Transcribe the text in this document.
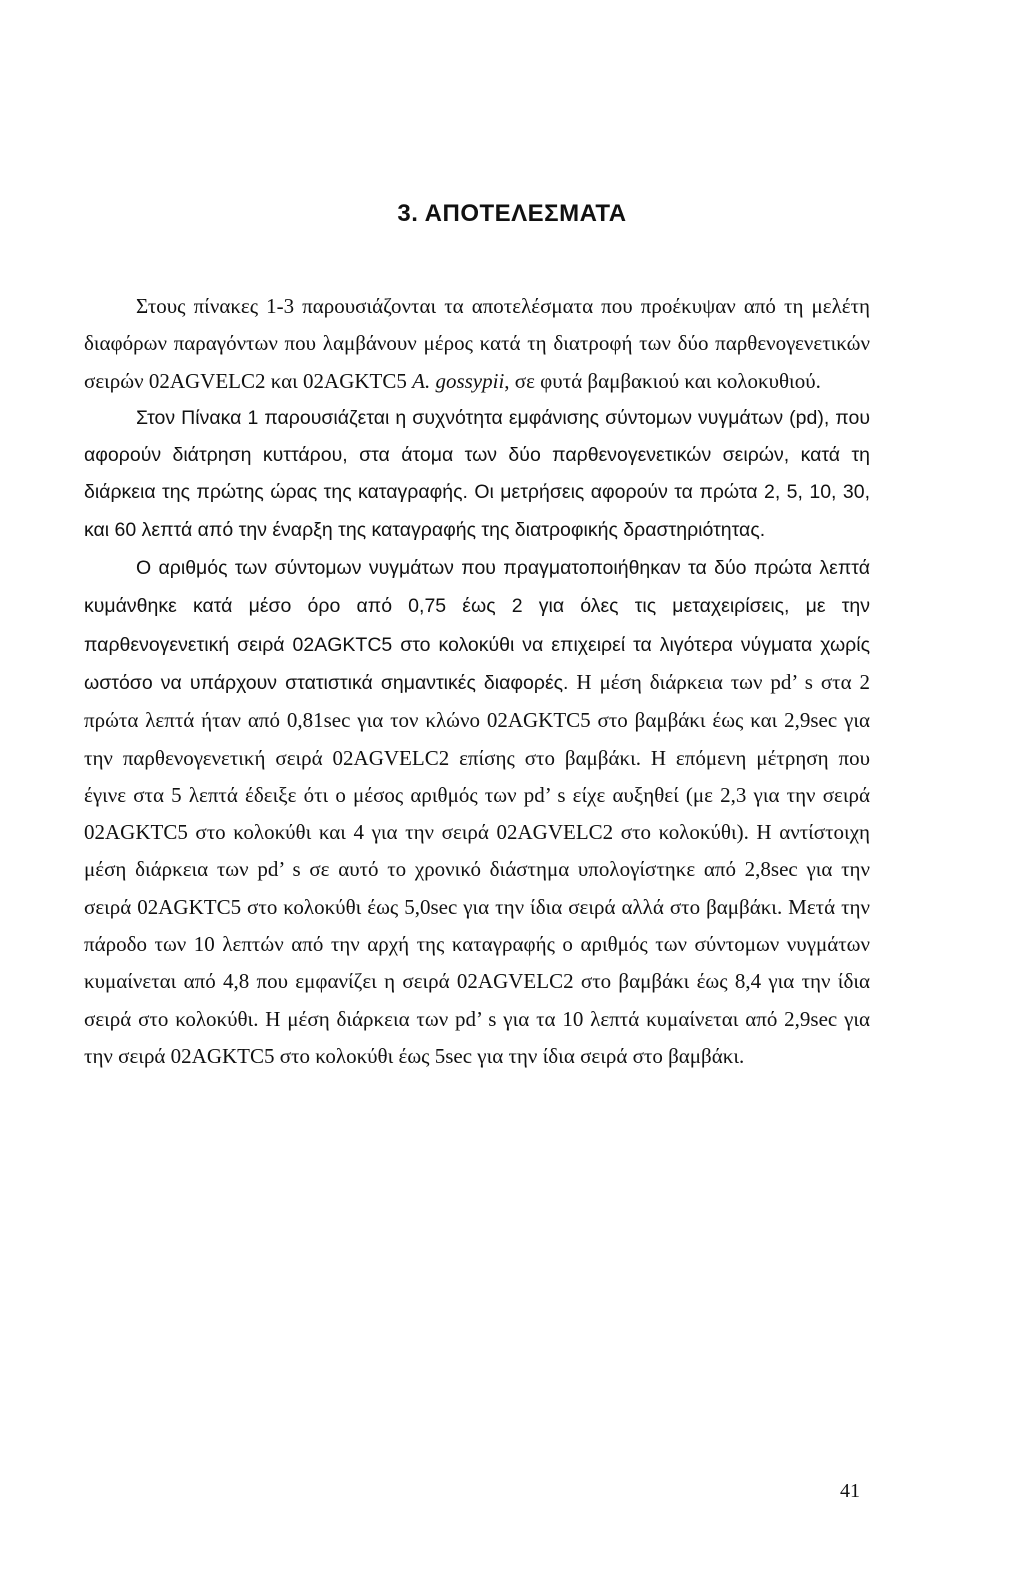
3. ΑΠΟΤΕΛΕΣΜΑΤΑ

Στους πίνακες 1-3 παρουσιάζονται τα αποτελέσματα που προέκυψαν από τη μελέτη διαφόρων παραγόντων που λαμβάνουν μέρος κατά τη διατροφή των δύο παρθενογενετικών σειρών 02AGVELC2 και 02AGKTC5 A. gossypii, σε φυτά βαμβακιού και κολοκυθιού.

Στον Πίνακα 1 παρουσιάζεται η συχνότητα εμφάνισης σύντομων νυγμάτων (pd), που αφορούν διάτρηση κυττάρου, στα άτομα των δύο παρθενογενετικών σειρών, κατά τη διάρκεια της πρώτης ώρας της καταγραφής. Οι μετρήσεις αφορούν τα πρώτα 2, 5, 10, 30, και 60 λεπτά από την έναρξη της καταγραφής της διατροφικής δραστηριότητας.

Ο αριθμός των σύντομων νυγμάτων που πραγματοποιήθηκαν τα δύο πρώτα λεπτά κυμάνθηκε κατά μέσο όρο από 0,75 έως 2 για όλες τις μεταχειρίσεις, με την παρθενογενετική σειρά 02AGKTC5 στο κολοκύθι να επιχειρεί τα λιγότερα νύγματα χωρίς ωστόσο να υπάρχουν στατιστικά σημαντικές διαφορές. Η μέση διάρκεια των pd’ s στα 2 πρώτα λεπτά ήταν από 0,81sec για τον κλώνο 02AGKTC5 στο βαμβάκι έως και 2,9sec για την παρθενογενετική σειρά 02AGVELC2 επίσης στο βαμβάκι. Η επόμενη μέτρηση που έγινε στα 5 λεπτά έδειξε ότι ο μέσος αριθμός των pd’ s είχε αυξηθεί (με 2,3 για την σειρά 02AGKTC5 στο κολοκύθι και 4 για την σειρά 02AGVELC2 στο κολοκύθι). Η αντίστοιχη μέση διάρκεια των pd’ s σε αυτό το χρονικό διάστημα υπολογίστηκε από 2,8sec για την σειρά 02AGKTC5 στο κολοκύθι έως 5,0sec για την ίδια σειρά αλλά στο βαμβάκι. Μετά την πάροδο των 10 λεπτών από την αρχή της καταγραφής ο αριθμός των σύντομων νυγμάτων κυμαίνεται από 4,8 που εμφανίζει η σειρά 02AGVELC2 στο βαμβάκι έως 8,4 για την ίδια σειρά στο κολοκύθι. Η μέση διάρκεια των pd’ s για τα 10 λεπτά κυμαίνεται από 2,9sec για την σειρά 02AGKTC5 στο κολοκύθι έως 5sec για την ίδια σειρά στο βαμβάκι.

41
